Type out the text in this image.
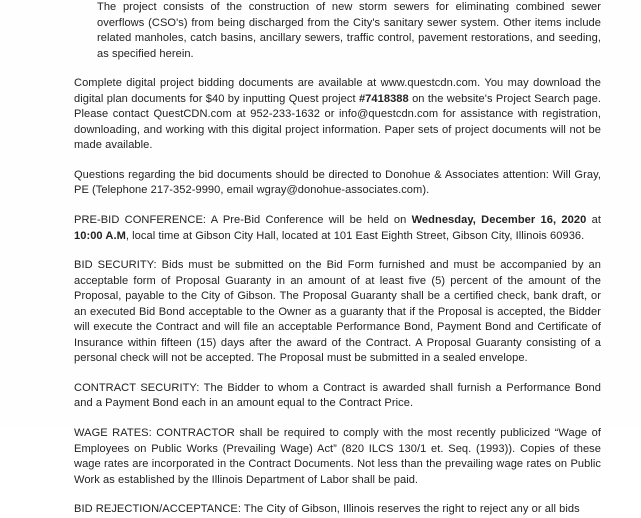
The project consists of the construction of new storm sewers for eliminating combined sewer overflows (CSO's) from being discharged from the City's sanitary sewer system. Other items include related manholes, catch basins, ancillary sewers, traffic control, pavement restorations, and seeding, as specified herein.

Complete digital project bidding documents are available at www.questcdn.com. You may download the digital plan documents for $40 by inputting Quest project #7418388 on the website's Project Search page. Please contact QuestCDN.com at 952-233-1632 or info@questcdn.com for assistance with registration, downloading, and working with this digital project information. Paper sets of project documents will not be made available.

Questions regarding the bid documents should be directed to Donohue & Associates attention: Will Gray, PE (Telephone 217-352-9990, email wgray@donohue-associates.com).

PRE-BID CONFERENCE: A Pre-Bid Conference will be held on Wednesday, December 16, 2020 at 10:00 A.M, local time at Gibson City Hall, located at 101 East Eighth Street, Gibson City, Illinois 60936.

BID SECURITY: Bids must be submitted on the Bid Form furnished and must be accompanied by an acceptable form of Proposal Guaranty in an amount of at least five (5) percent of the amount of the Proposal, payable to the City of Gibson. The Proposal Guaranty shall be a certified check, bank draft, or an executed Bid Bond acceptable to the Owner as a guaranty that if the Proposal is accepted, the Bidder will execute the Contract and will file an acceptable Performance Bond, Payment Bond and Certificate of Insurance within fifteen (15) days after the award of the Contract. A Proposal Guaranty consisting of a personal check will not be accepted. The Proposal must be submitted in a sealed envelope.

CONTRACT SECURITY: The Bidder to whom a Contract is awarded shall furnish a Performance Bond and a Payment Bond each in an amount equal to the Contract Price.

WAGE RATES: CONTRACTOR shall be required to comply with the most recently publicized “Wage of Employees on Public Works (Prevailing Wage) Act” (820 ILCS 130/1 et. Seq. (1993)). Copies of these wage rates are incorporated in the Contract Documents. Not less than the prevailing wage rates on Public Work as established by the Illinois Department of Labor shall be paid.

BID REJECTION/ACCEPTANCE: The City of Gibson, Illinois reserves the right to reject any or all bids
